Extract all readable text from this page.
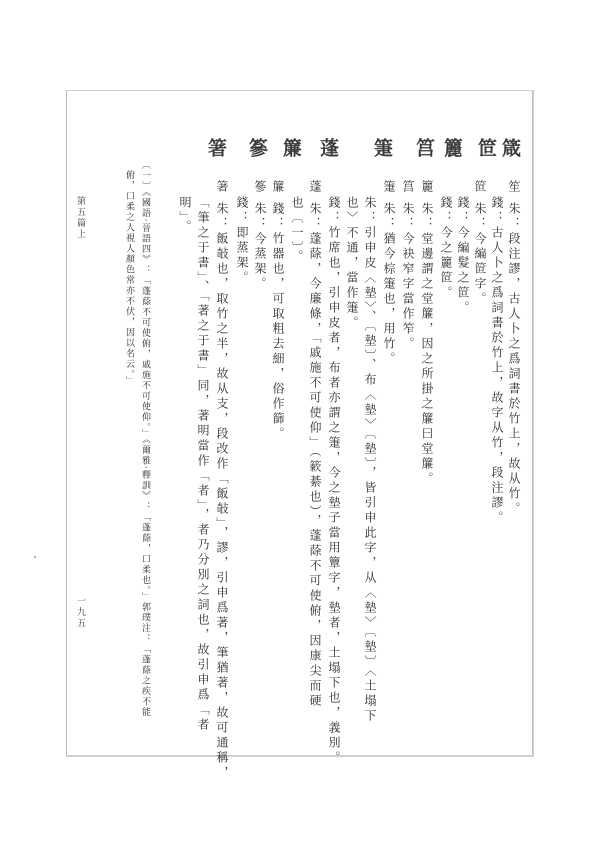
第五篇上
一九五
箴
笸
籭
筥
箑
蓬
簾
篸
箸
笙 朱：段注謬，古人卜之爲詞書於竹上，故从竹。
錢：古人卜之爲詞書於竹上，故字从竹，段注謬。
笸 朱：今編笸字。
錢：今編髮之笸。
錢：今之籭笸。
籭 朱：堂邊謂之堂簾，因之所掛之簾曰堂簾。
筥 朱：今袂窄字當作笮。
箑 朱：猶今棕箑也，用竹。
朱：引申皮〈墊〉、〔墊〕、布〈墊〉〔墊〕，皆引申此字，从〈墊〉〔墊〕〈土塌下
也〉不通，當作箑。
錢：竹席也，引申皮者，布者亦謂之箑，今之墊子當用簟字，墊者，土塌下也，義別。
蓬 朱：蓬蒢，今廉條，「戚施不可使仰」（簌綦也），蓬蒢不可使俯，因康尖而硬
也〔一〕。
簾 錢：竹器也，可取粗去細，俗作篩。
篸 朱：今蒸架。
錢：即蒸架。
箸 朱：飯敧也，取竹之半，故从支，段改作「飯敧」，謬，引申爲著，筆猶著，故可通稱，
「筆之于書」、「著之于書」同，著明當作「者」，者乃分別之詞也，故引申爲「者
明」。
〔一〕《國語·晉語四》：「蓬蒢不可使俯，戚施不可使仰。」《爾雅·釋訓》：「蓬蒢，口柔也。」郭璞注：「蓬蒢之疾不能
俯，口柔之人視人顏色常亦不伏，因以名云。」
